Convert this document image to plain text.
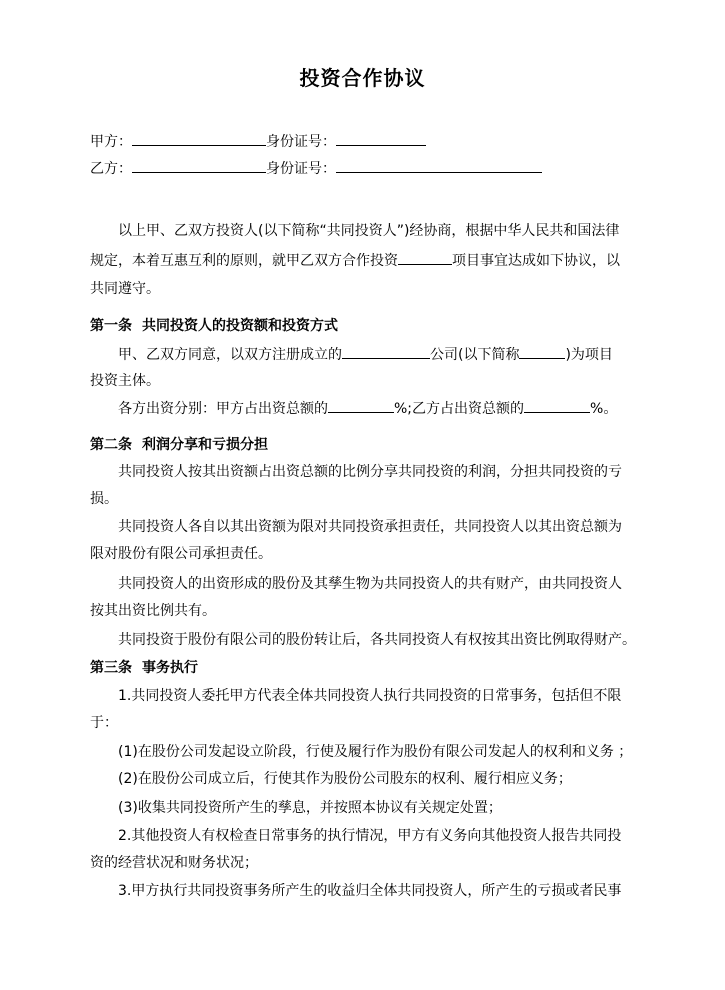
投资合作协议
甲方：	身份证号：
乙方：	身份证号：
以上甲、乙双方投资人(以下简称“共同投资人”)经协商，根据中华人民共和国法律
规定，本着互惠互利的原则，就甲乙双方合作投资	项目事宜达成如下协议，以
共同遵守。
第一条 共同投资人的投资额和投资方式
甲、乙双方同意，以双方注册成立的	公司(以下简称	)为项目
投资主体。
各方出资分别：甲方占出资总额的	%;乙方占出资总额的	%。
第二条 利润分享和亏损分担
共同投资人按其出资额占出资总额的比例分享共同投资的利润，分担共同投资的亏
损。
共同投资人各自以其出资额为限对共同投资承担责任，共同投资人以其出资总额为
限对股份有限公司承担责任。
共同投资人的出资形成的股份及其孳生物为共同投资人的共有财产，由共同投资人
按其出资比例共有。
共同投资于股份有限公司的股份转让后，各共同投资人有权按其出资比例取得财产。
第三条 事务执行
1.共同投资人委托甲方代表全体共同投资人执行共同投资的日常事务，包括但不限
于：
(1)在股份公司发起设立阶段，行使及履行作为股份有限公司发起人的权利和义务 ；
(2)在股份公司成立后，行使其作为股份公司股东的权利、履行相应义务；
(3)收集共同投资所产生的孳息，并按照本协议有关规定处置；
2.其他投资人有权检查日常事务的执行情况，甲方有义务向其他投资人报告共同投
资的经营状况和财务状况；
3.甲方执行共同投资事务所产生的收益归全体共同投资人，所产生的亏损或者民事
